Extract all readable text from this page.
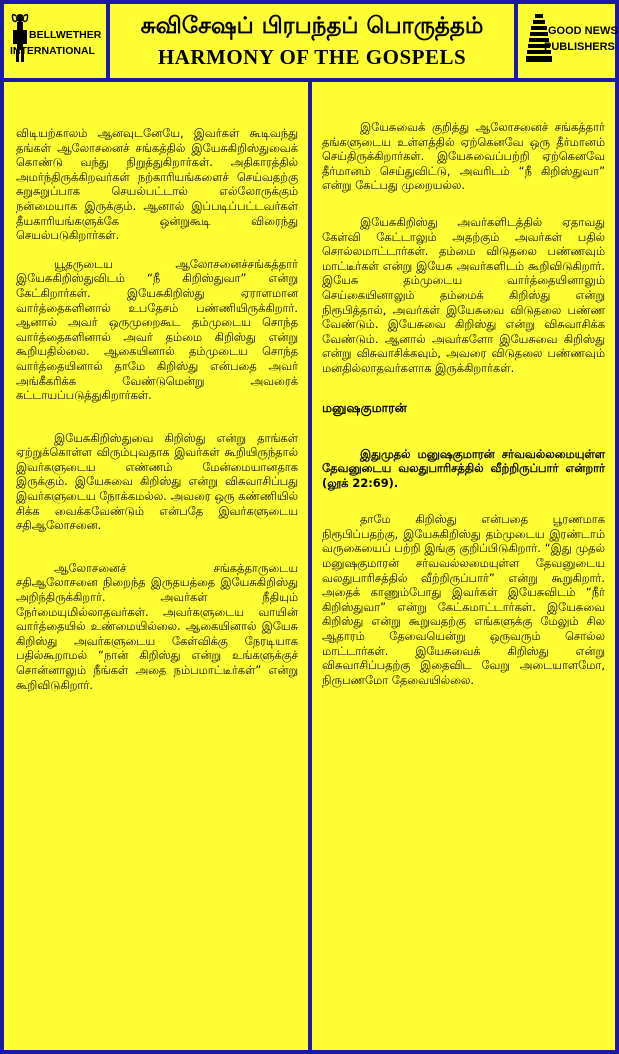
BELLWETHER
INTERNATIONAL
சுவிசேஷப் பிரபந்தப் பொருத்தம்
HARMONY OF THE GOSPELS
GOOD NEWS
PUBLISHERS

விடியற்காலம் ஆனவுடனேயே, இவர்கள் கூடிவந்து தங்கள் ஆலோசனைச் சங்கத்தில் இயேசுகிறிஸ்துவைக் கொண்டு வந்து நிறுத்துகிறார்கள். அதிகாரத்தில் அமர்ந்திருக்கிறவர்கள் நற்காரியங்களைச் செய்வதற்கு சுறுசுறுப்பாக செயல்பட்டால் எல்லோருக்கும் நன்மையாக இருக்கும். ஆனால் இப்படிப்பட்டவர்கள் தீயகாரியங்களுக்கே ஒன்றுகூடி விரைந்து செயல்படுகிறார்கள்.

யூதருடைய ஆலோசனைச்சங்கத்தார் இயேசுகிறிஸ்துவிடம் “நீ கிறிஸ்துவா” என்று கேட்கிறார்கள். இயேசுகிறிஸ்து ஏராளமான வார்த்தைகளினால் உபதேசம் பண்ணியிருக்கிறார். ஆனால் அவர் ஒருமுறைகூட தம்முடைய சொந்த வார்த்தைகளினால் அவர் தம்மை கிறிஸ்து என்று கூறியதில்லை. ஆகையினால் தம்முடைய சொந்த வார்த்தையினால் தாமே கிறிஸ்து என்பதை அவர் அங்கீகரிக்க வேண்டுமென்று அவரைக் கட்டாயப்படுத்துகிறார்கள்.

இயேசுகிறிஸ்துவை கிறிஸ்து என்று தாங்கள் ஏற்றுக்கொள்ள விரும்புவதாக இவர்கள் கூறியிருந்தால் இவர்களுடைய எண்ணம் மேன்மையானதாக இருக்கும். இயேசுவை கிறிஸ்து என்று விசுவாசிப்பது இவர்களுடைய நோக்கமல்ல. அவரை ஒரு கண்ணியில் சிக்க வைக்கவேண்டும் என்பதே இவர்களுடைய சதிஆலோசனை.

ஆலோசனைச் சங்கத்தாருடைய சதிஆலோசனை நிறைந்த இருதயத்தை இயேசுகிறிஸ்து அறிந்திருக்கிறார். அவர்கள் நீதியும் நேர்மையுமில்லாதவர்கள். அவர்களுடைய வாயின் வார்த்தையில் உண்மையில்லை. ஆகையினால் இயேசு கிறிஸ்து அவர்களுடைய கேள்விக்கு நேரடியாக பதில்கூறாமல் “நான் கிறிஸ்து என்று உங்களுக்குச் சொன்னாலும் நீங்கள் அதை நம்பமாட்டீர்கள்” என்று கூறிவிடுகிறார்.

இயேசுவைக் குறித்து ஆலோசனைச் சங்கத்தார் தங்களுடைய உள்ளத்தில் ஏற்கெனவே ஒரு தீர்மானம் செய்திருக்கிறார்கள். இயேசுவைப்பற்றி ஏற்கெனவே தீர்மானம் செய்துவிட்டு, அவரிடம் “நீ கிறிஸ்துவா” என்று கேட்பது முறையல்ல.

இயேசுகிறிஸ்து அவர்களிடத்தில் ஏதாவது கேள்வி கேட்டாலும் அதற்கும் அவர்கள் பதில் சொல்லமாட்டார்கள். தம்மை விடுதலை பண்ணவும் மாட்டீர்கள் என்று இயேசு அவர்களிடம் கூறிவிடுகிறார். இயேசு தம்முடைய வார்த்தையினாலும் செய்கையினாலும் தம்மைக் கிறிஸ்து என்று நிரூபித்தால், அவர்கள் இயேசுவை விடுதலை பண்ண வேண்டும். இயேசுவை கிறிஸ்து என்று விசுவாசிக்க வேண்டும். ஆனால் அவர்களோ இயேசுவை கிறிஸ்து என்று விசுவாசிக்கவும், அவரை விடுதலை பண்ணவும் மனதில்லாதவர்களாக இருக்கிறார்கள்.

மனுஷகுமாரன்

இதுமுதல் மனுஷகுமாரன் சர்வவல்லமையுள்ள தேவனுடைய வலதுபாரிசத்தில் வீற்றிருப்பார் என்றார் (லூக் 22:69).

தாமே கிறிஸ்து என்பதை பூரணமாக நிரூபிப்பதற்கு, இயேசுகிறிஸ்து தம்முடைய இரண்டாம் வருகையைப் பற்றி இங்கு குறிப்பிடுகிறார். “இது முதல் மனுஷகுமாரன் சர்வவல்லமையுள்ள தேவனுடைய வலதுபாரிசத்தில் வீற்றிருப்பார்” என்று கூறுகிறார். அதைக் காணும்போது இவர்கள் இயேசுவிடம் “நீர் கிறிஸ்துவா” என்று கேட்கமாட்டார்கள். இயேசுவை கிறிஸ்து என்று கூறுவதற்கு எங்களுக்கு மேலும் சில ஆதாரம் தேவையென்று ஒருவரும் சொல்ல மாட்டார்கள். இயேசுவைக் கிறிஸ்து என்று விசுவாசிப்பதற்கு இதைவிட வேறு அடையாளமோ, நிருபணமோ தேவையில்லை.
